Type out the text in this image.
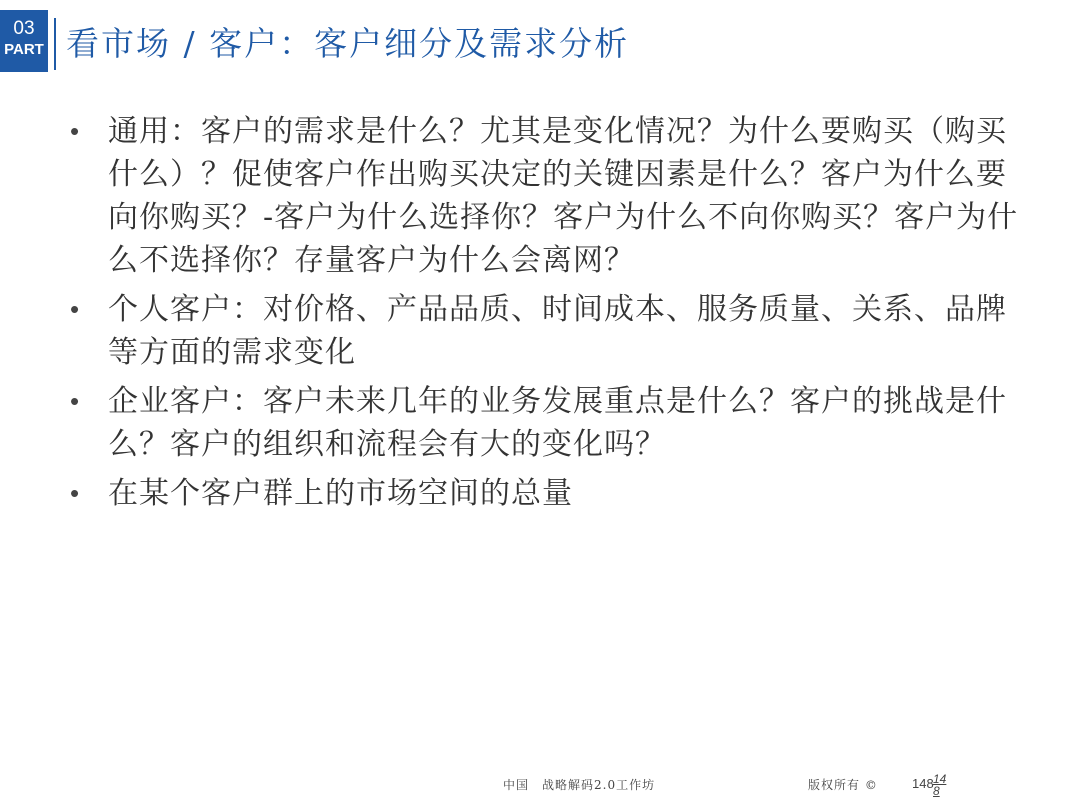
03
PART 看市场 / 客户：客户细分及需求分析
• 通用：客户的需求是什么？尤其是变化情况？为什么要购买（购买什么）？促使客户作出购买决定的关键因素是什么？客户为什么要向你购买？-客户为什么选择你？客户为什么不向你购买？客户为什么不选择你？存量客户为什么会离网？
• 个人客户：对价格、产品品质、时间成本、服务质量、关系、品牌等方面的需求变化
• 企业客户：客户未来几年的业务发展重点是什么？客户的挑战是什么？客户的组织和流程会有大的变化吗？
• 在某个客户群上的市场空间的总量
中国　战略解码2.0工作坊	版权所有 ©	148 148
